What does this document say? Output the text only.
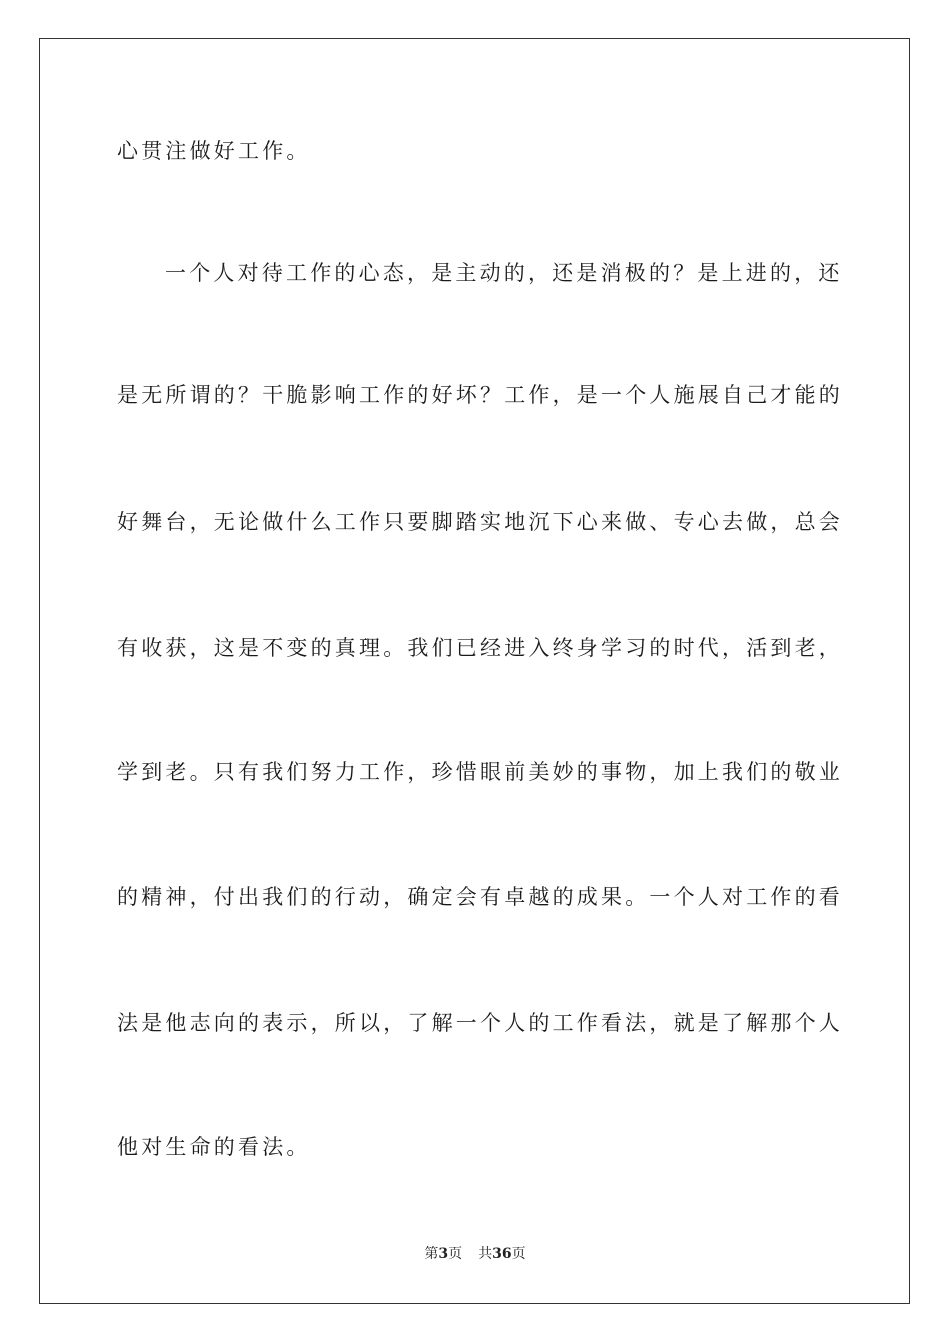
心贯注做好工作。
一个人对待工作的心态，是主动的，还是消极的？是上进的，还
是无所谓的？干脆影响工作的好坏？工作，是一个人施展自己才能的
好舞台，无论做什么工作只要脚踏实地沉下心来做、专心去做，总会
有收获，这是不变的真理。我们已经进入终身学习的时代，活到老，
学到老。只有我们努力工作，珍惜眼前美妙的事物，加上我们的敬业
的精神，付出我们的行动，确定会有卓越的成果。一个人对工作的看
法是他志向的表示，所以，了解一个人的工作看法，就是了解那个人
他对生命的看法。
第3页 共36页
